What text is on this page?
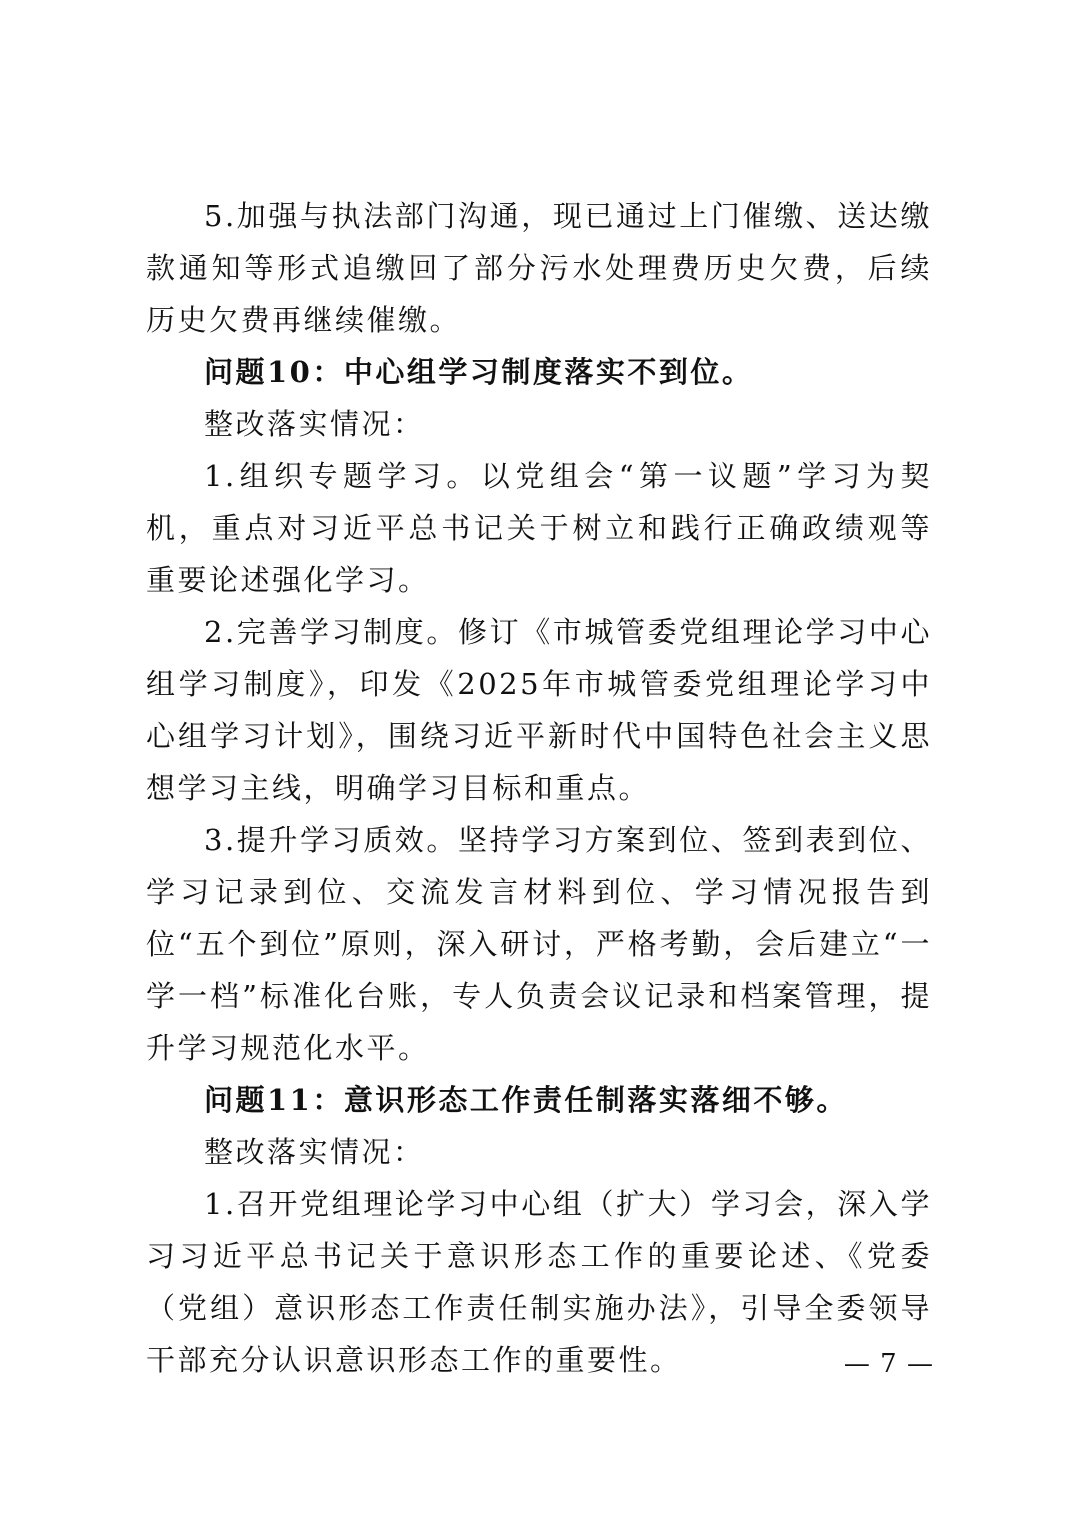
5.加强与执法部门沟通，现已通过上门催缴、送达缴款通知等形式追缴回了部分污水处理费历史欠费，后续历史欠费再继续催缴。

问题10：中心组学习制度落实不到位。

整改落实情况：

1.组织专题学习。以党组会“第一议题”学习为契机，重点对习近平总书记关于树立和践行正确政绩观等重要论述强化学习。

2.完善学习制度。修订《市城管委党组理论学习中心组学习制度》，印发《2025年市城管委党组理论学习中心组学习计划》，围绕习近平新时代中国特色社会主义思想学习主线，明确学习目标和重点。

3.提升学习质效。坚持学习方案到位、签到表到位、学习记录到位、交流发言材料到位、学习情况报告到位“五个到位”原则，深入研讨，严格考勤，会后建立“一学一档”标准化台账，专人负责会议记录和档案管理，提升学习规范化水平。

问题11：意识形态工作责任制落实落细不够。

整改落实情况：

1.召开党组理论学习中心组（扩大）学习会，深入学习习近平总书记关于意识形态工作的重要论述、《党委（党组）意识形态工作责任制实施办法》，引导全委领导干部充分认识意识形态工作的重要性。	— 7 —
